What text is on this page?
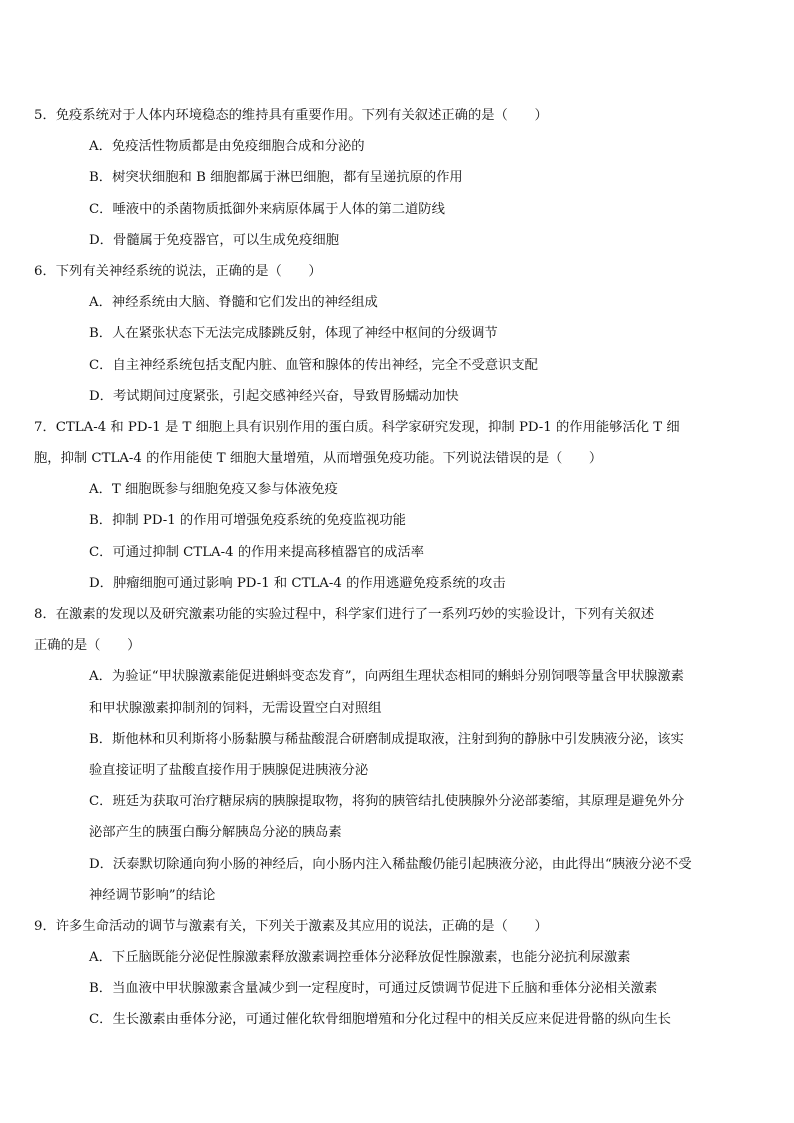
5．免疫系统对于人体内环境稳态的维持具有重要作用。下列有关叙述正确的是（　　）
A．免疫活性物质都是由免疫细胞合成和分泌的
B．树突状细胞和 B 细胞都属于淋巴细胞，都有呈递抗原的作用
C．唾液中的杀菌物质抵御外来病原体属于人体的第二道防线
D．骨髓属于免疫器官，可以生成免疫细胞
6．下列有关神经系统的说法，正确的是（　　）
A．神经系统由大脑、脊髓和它们发出的神经组成
B．人在紧张状态下无法完成膝跳反射，体现了神经中枢间的分级调节
C．自主神经系统包括支配内脏、血管和腺体的传出神经，完全不受意识支配
D．考试期间过度紧张，引起交感神经兴奋，导致胃肠蠕动加快
7．CTLA-4 和 PD-1 是 T 细胞上具有识别作用的蛋白质。科学家研究发现，抑制 PD-1 的作用能够活化 T 细
胞，抑制 CTLA-4 的作用能使 T 细胞大量增殖，从而增强免疫功能。下列说法错误的是（　　）
A．T 细胞既参与细胞免疫又参与体液免疫
B．抑制 PD-1 的作用可增强免疫系统的免疫监视功能
C．可通过抑制 CTLA-4 的作用来提高移植器官的成活率
D．肿瘤细胞可通过影响 PD-1 和 CTLA-4 的作用逃避免疫系统的攻击
8．在激素的发现以及研究激素功能的实验过程中，科学家们进行了一系列巧妙的实验设计，下列有关叙述
正确的是（　　）
A．为验证“甲状腺激素能促进蝌蚪变态发育”，向两组生理状态相同的蝌蚪分别饲喂等量含甲状腺激素
和甲状腺激素抑制剂的饲料，无需设置空白对照组
B．斯他林和贝利斯将小肠黏膜与稀盐酸混合研磨制成提取液，注射到狗的静脉中引发胰液分泌，该实
验直接证明了盐酸直接作用于胰腺促进胰液分泌
C．班廷为获取可治疗糖尿病的胰腺提取物，将狗的胰管结扎使胰腺外分泌部萎缩，其原理是避免外分
泌部产生的胰蛋白酶分解胰岛分泌的胰岛素
D．沃泰默切除通向狗小肠的神经后，向小肠内注入稀盐酸仍能引起胰液分泌，由此得出“胰液分泌不受
神经调节影响”的结论
9．许多生命活动的调节与激素有关，下列关于激素及其应用的说法，正确的是（　　）
A．下丘脑既能分泌促性腺激素释放激素调控垂体分泌释放促性腺激素，也能分泌抗利尿激素
B．当血液中甲状腺激素含量减少到一定程度时，可通过反馈调节促进下丘脑和垂体分泌相关激素
C．生长激素由垂体分泌，可通过催化软骨细胞增殖和分化过程中的相关反应来促进骨骼的纵向生长
